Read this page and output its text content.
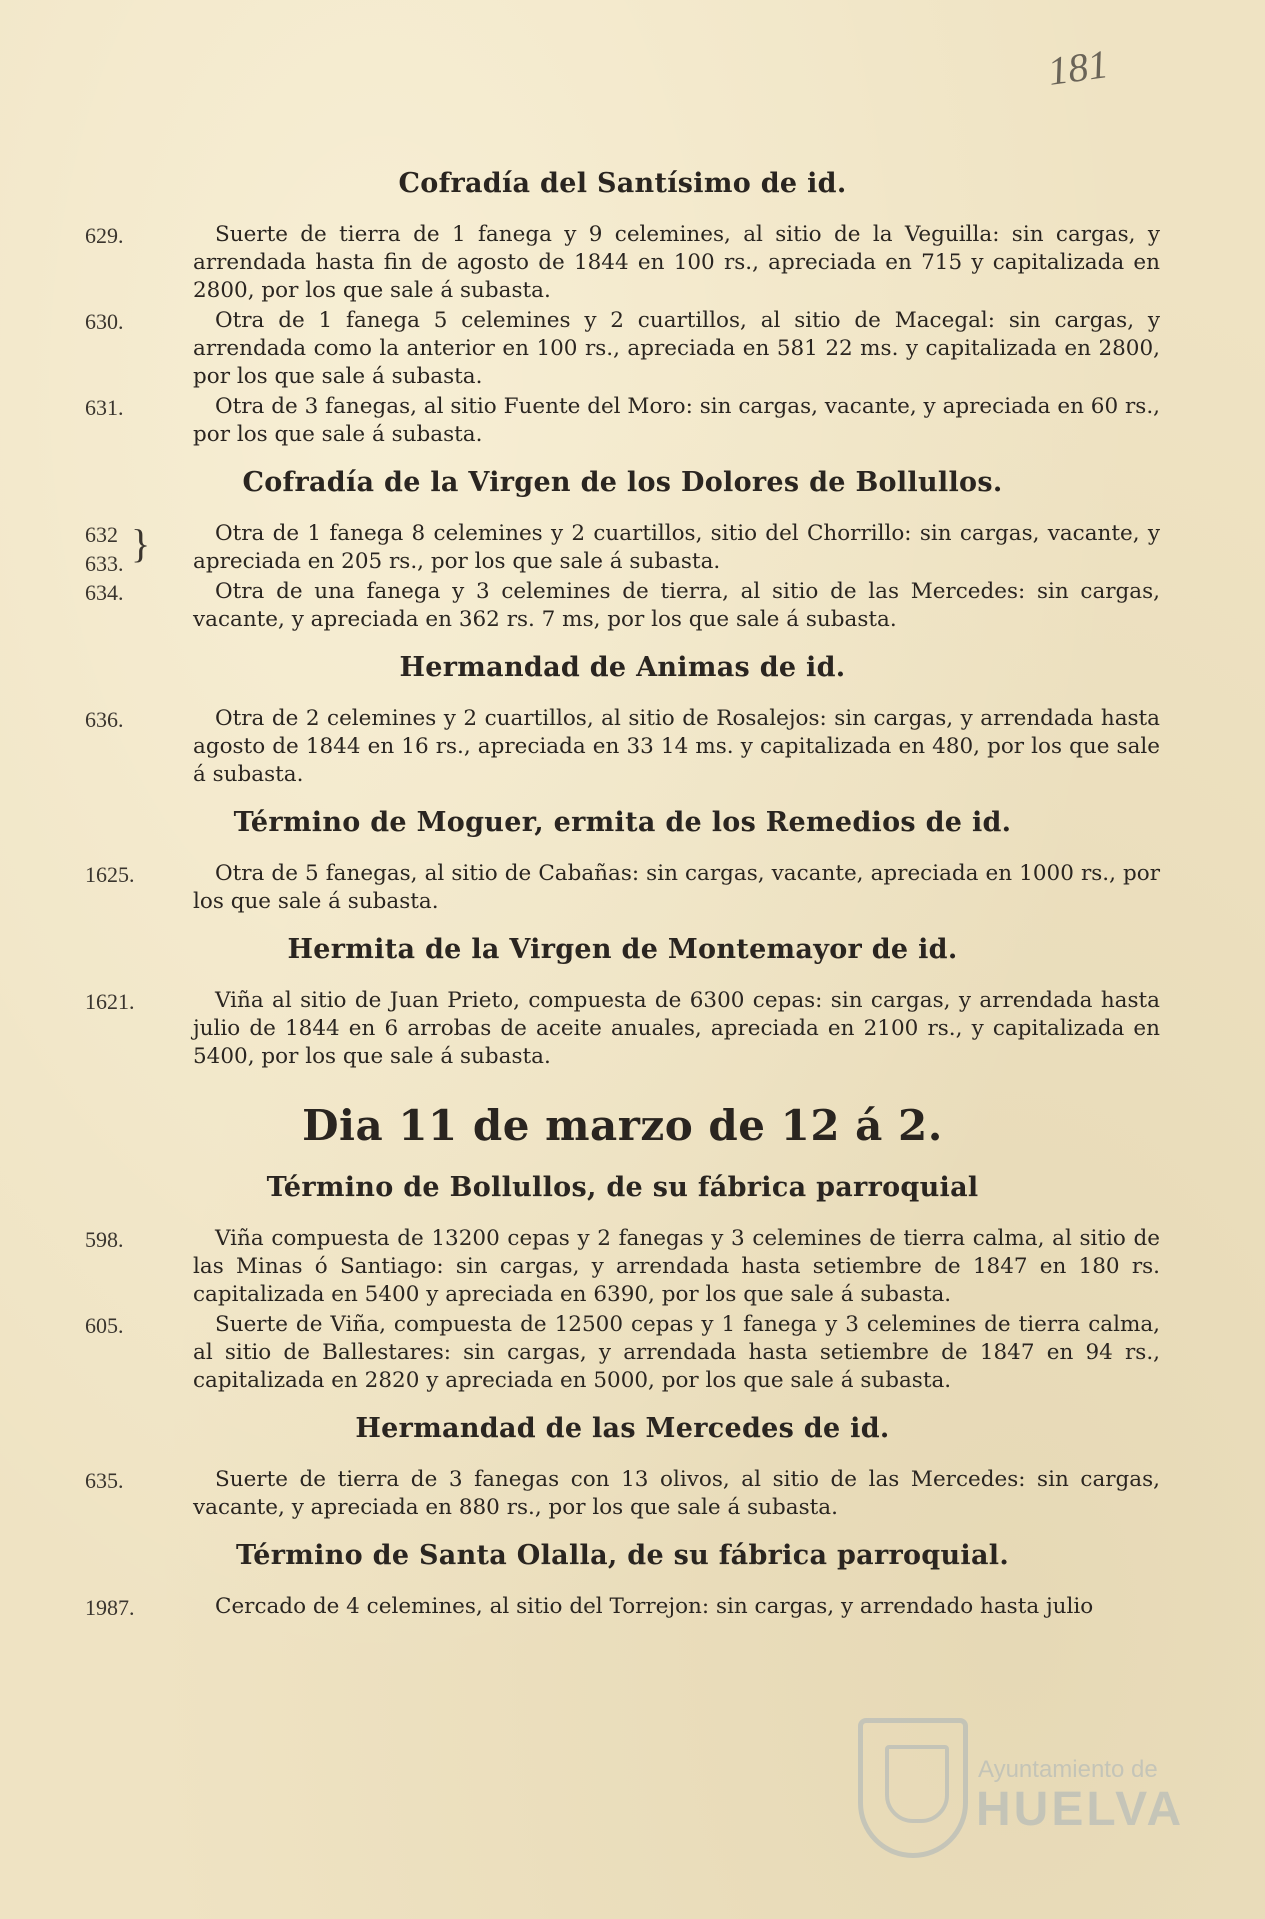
181
Cofradía del Santísimo de id.
629.	Suerte de tierra de 1 fanega y 9 celemines, al sitio de la Veguilla: sin cargas, y arrendada hasta fin de agosto de 1844 en 100 rs., apreciada en 715 y capitalizada en 2800, por los que sale á subasta.
630.	Otra de 1 fanega 5 celemines y 2 cuartillos, al sitio de Macegal: sin cargas, y arrendada como la anterior en 100 rs., apreciada en 581 22 ms. y capitalizada en 2800, por los que sale á subasta.
631.	Otra de 3 fanegas, al sitio Fuente del Moro: sin cargas, vacante, y apreciada en 60 rs., por los que sale á subasta.
Cofradía de la Virgen de los Dolores de Bollullos.
632
633. }	Otra de 1 fanega 8 celemines y 2 cuartillos, sitio del Chorrillo: sin cargas, vacante, y apreciada en 205 rs., por los que sale á subasta.
634.	Otra de una fanega y 3 celemines de tierra, al sitio de las Mercedes: sin cargas, vacante, y apreciada en 362 rs. 7 ms, por los que sale á subasta.
Hermandad de Animas de id.
636.	Otra de 2 celemines y 2 cuartillos, al sitio de Rosalejos: sin cargas, y arrendada hasta agosto de 1844 en 16 rs., apreciada en 33 14 ms. y capitalizada en 480, por los que sale á subasta.
Término de Moguer, ermita de los Remedios de id.
1625.	Otra de 5 fanegas, al sitio de Cabañas: sin cargas, vacante, apreciada en 1000 rs., por los que sale á subasta.
Hermita de la Virgen de Montemayor de id.
1621.	Viña al sitio de Juan Prieto, compuesta de 6300 cepas: sin cargas, y arrendada hasta julio de 1844 en 6 arrobas de aceite anuales, apreciada en 2100 rs., y capitalizada en 5400, por los que sale á subasta.
Dia 11 de marzo de 12 á 2.
Término de Bollullos, de su fábrica parroquial
598.	Viña compuesta de 13200 cepas y 2 fanegas y 3 celemines de tierra calma, al sitio de las Minas ó Santiago: sin cargas, y arrendada hasta setiembre de 1847 en 180 rs. capitalizada en 5400 y apreciada en 6390, por los que sale á subasta.
605.	Suerte de Viña, compuesta de 12500 cepas y 1 fanega y 3 celemines de tierra calma, al sitio de Ballestares: sin cargas, y arrendada hasta setiembre de 1847 en 94 rs., capitalizada en 2820 y apreciada en 5000, por los que sale á subasta.
Hermandad de las Mercedes de id.
635.	Suerte de tierra de 3 fanegas con 13 olivos, al sitio de las Mercedes: sin cargas, vacante, y apreciada en 880 rs., por los que sale á subasta.
Término de Santa Olalla, de su fábrica parroquial.
1987.	Cercado de 4 celemines, al sitio del Torrejon: sin cargas, y arrendado hasta julio
Ayuntamiento de
HUELVA
